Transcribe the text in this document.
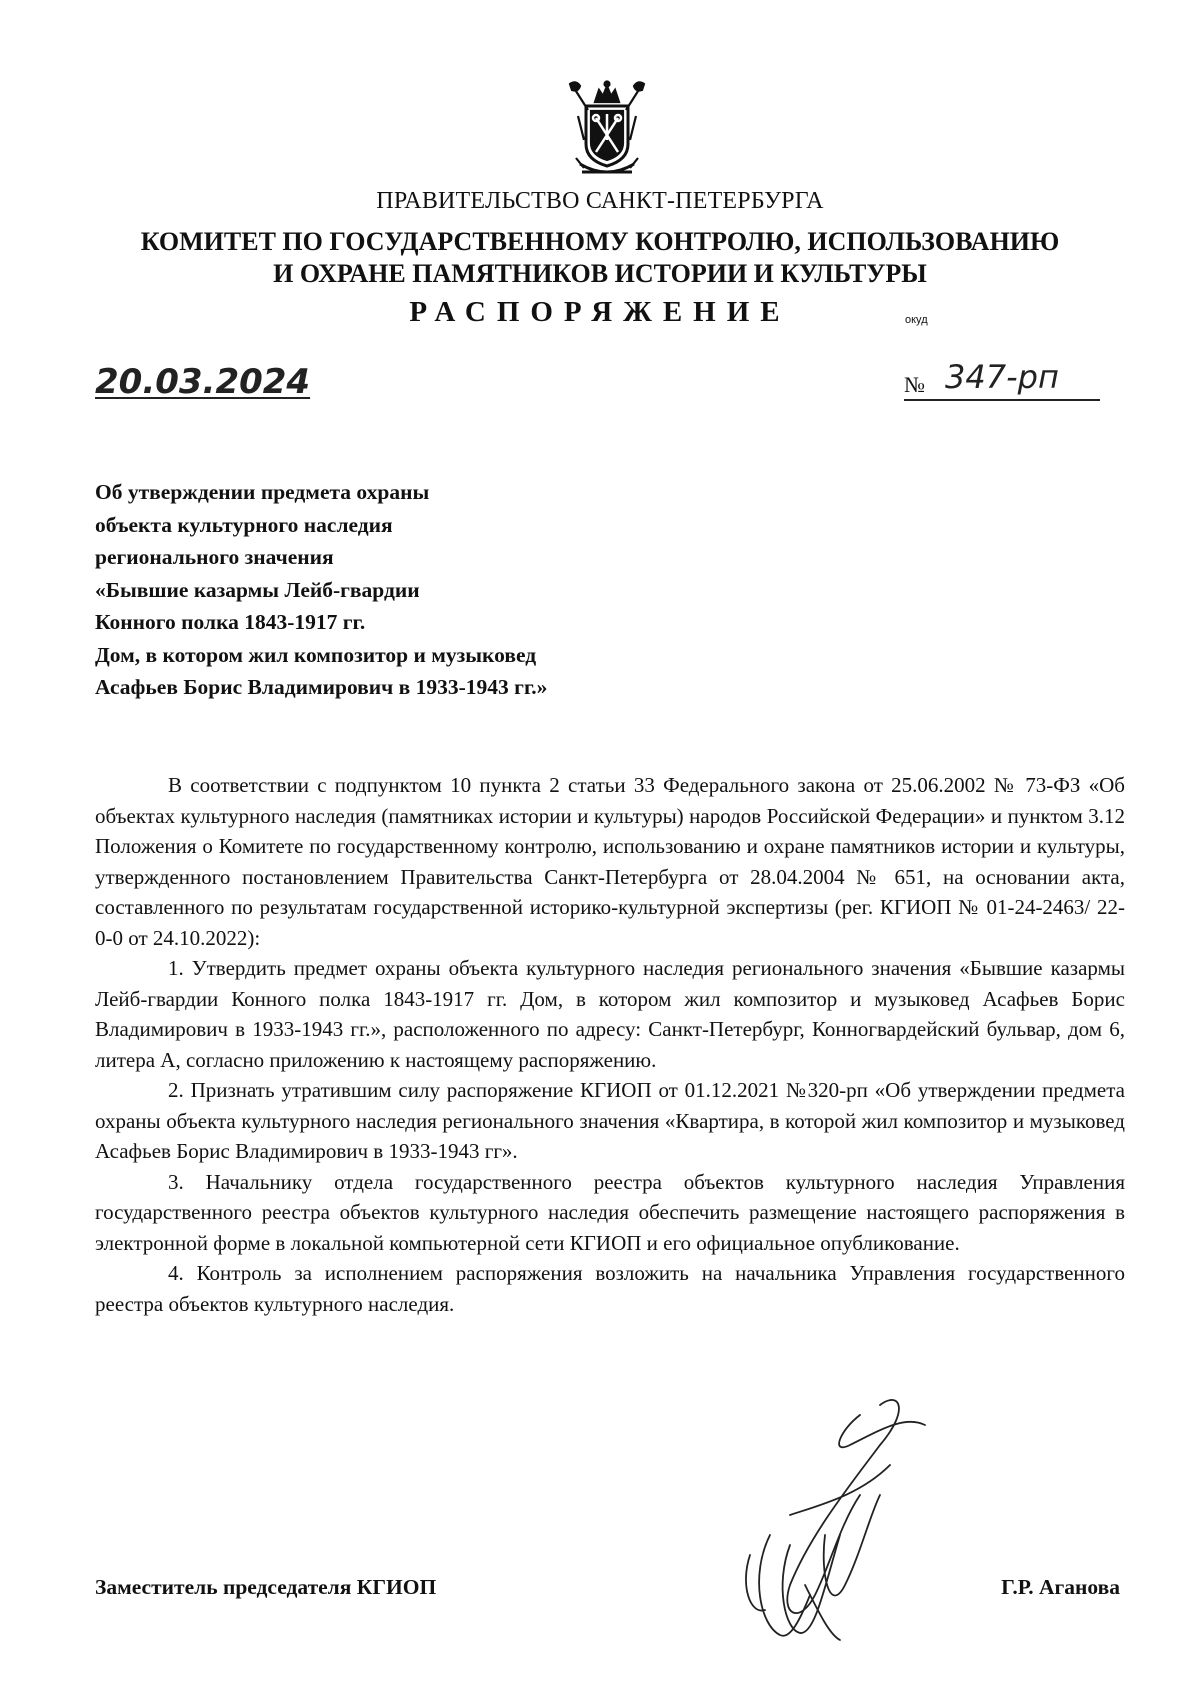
ПРАВИТЕЛЬСТВО САНКТ-ПЕТЕРБУРГА
КОМИТЕТ ПО ГОСУДАРСТВЕННОМУ КОНТРОЛЮ, ИСПОЛЬЗОВАНИЮ
И ОХРАНЕ ПАМЯТНИКОВ ИСТОРИИ И КУЛЬТУРЫ
РАСПОРЯЖЕНИЕ	окуд
20.03.2024	№ 347-рп
Об утверждении предмета охраны
объекта культурного наследия
регионального значения
«Бывшие казармы Лейб-гвардии
Конного полка 1843-1917 гг.
Дом, в котором жил композитор и музыковед
Асафьев Борис Владимирович в 1933-1943 гг.»

В соответствии с подпунктом 10 пункта 2 статьи 33 Федерального закона от 25.06.2002 № 73-ФЗ «Об объектах культурного наследия (памятниках истории и культуры) народов Российской Федерации» и пунктом 3.12 Положения о Комитете по государственному контролю, использованию и охране памятников истории и культуры, утвержденного постановлением Правительства Санкт-Петербурга от 28.04.2004 № 651, на основании акта, составленного по результатам государственной историко-культурной экспертизы (рег. КГИОП № 01-24-2463/ 22-0-0 от 24.10.2022):

1. Утвердить предмет охраны объекта культурного наследия регионального значения «Бывшие казармы Лейб-гвардии Конного полка 1843-1917 гг. Дом, в котором жил композитор и музыковед Асафьев Борис Владимирович в 1933-1943 гг.», расположенного по адресу: Санкт-Петербург, Конногвардейский бульвар, дом 6, литера А, согласно приложению к настоящему распоряжению.

2. Признать утратившим силу распоряжение КГИОП от 01.12.2021 №320-рп «Об утверждении предмета охраны объекта культурного наследия регионального значения «Квартира, в которой жил композитор и музыковед Асафьев Борис Владимирович в 1933-1943 гг».

3. Начальнику отдела государственного реестра объектов культурного наследия Управления государственного реестра объектов культурного наследия обеспечить размещение настоящего распоряжения в электронной форме в локальной компьютерной сети КГИОП и его официальное опубликование.

4. Контроль за исполнением распоряжения возложить на начальника Управления государственного реестра объектов культурного наследия.

Заместитель председателя КГИОП	Г.Р. Аганова
